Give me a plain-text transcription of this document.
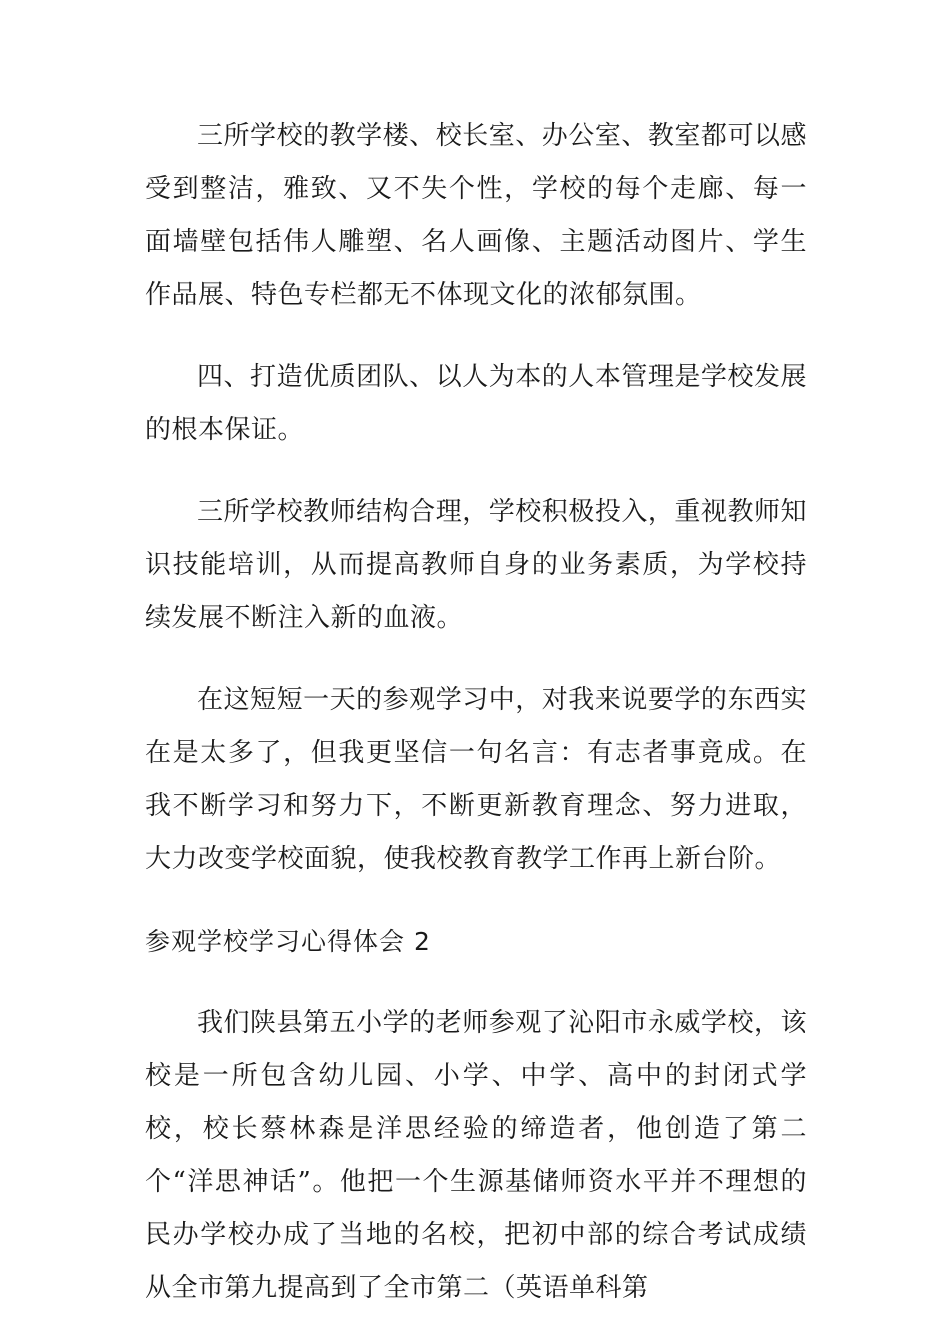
三所学校的教学楼、校长室、办公室、教室都可以感受到整洁，雅致、又不失个性，学校的每个走廊、每一面墙壁包括伟人雕塑、名人画像、主题活动图片、学生作品展、特色专栏都无不体现文化的浓郁氛围。

四、打造优质团队、以人为本的人本管理是学校发展的根本保证。

三所学校教师结构合理，学校积极投入，重视教师知识技能培训，从而提高教师自身的业务素质，为学校持续发展不断注入新的血液。

在这短短一天的参观学习中，对我来说要学的东西实在是太多了，但我更坚信一句名言：有志者事竟成。在我不断学习和努力下，不断更新教育理念、努力进取，大力改变学校面貌，使我校教育教学工作再上新台阶。

参观学校学习心得体会 2

我们陕县第五小学的老师参观了沁阳市永威学校，该校是一所包含幼儿园、小学、中学、高中的封闭式学校，校长蔡林森是洋思经验的缔造者，他创造了第二个“洋思神话”。他把一个生源基储师资水平并不理想的民办学校办成了当地的名校，把初中部的综合考试成绩从全市第九提高到了全市第二（英语单科第
